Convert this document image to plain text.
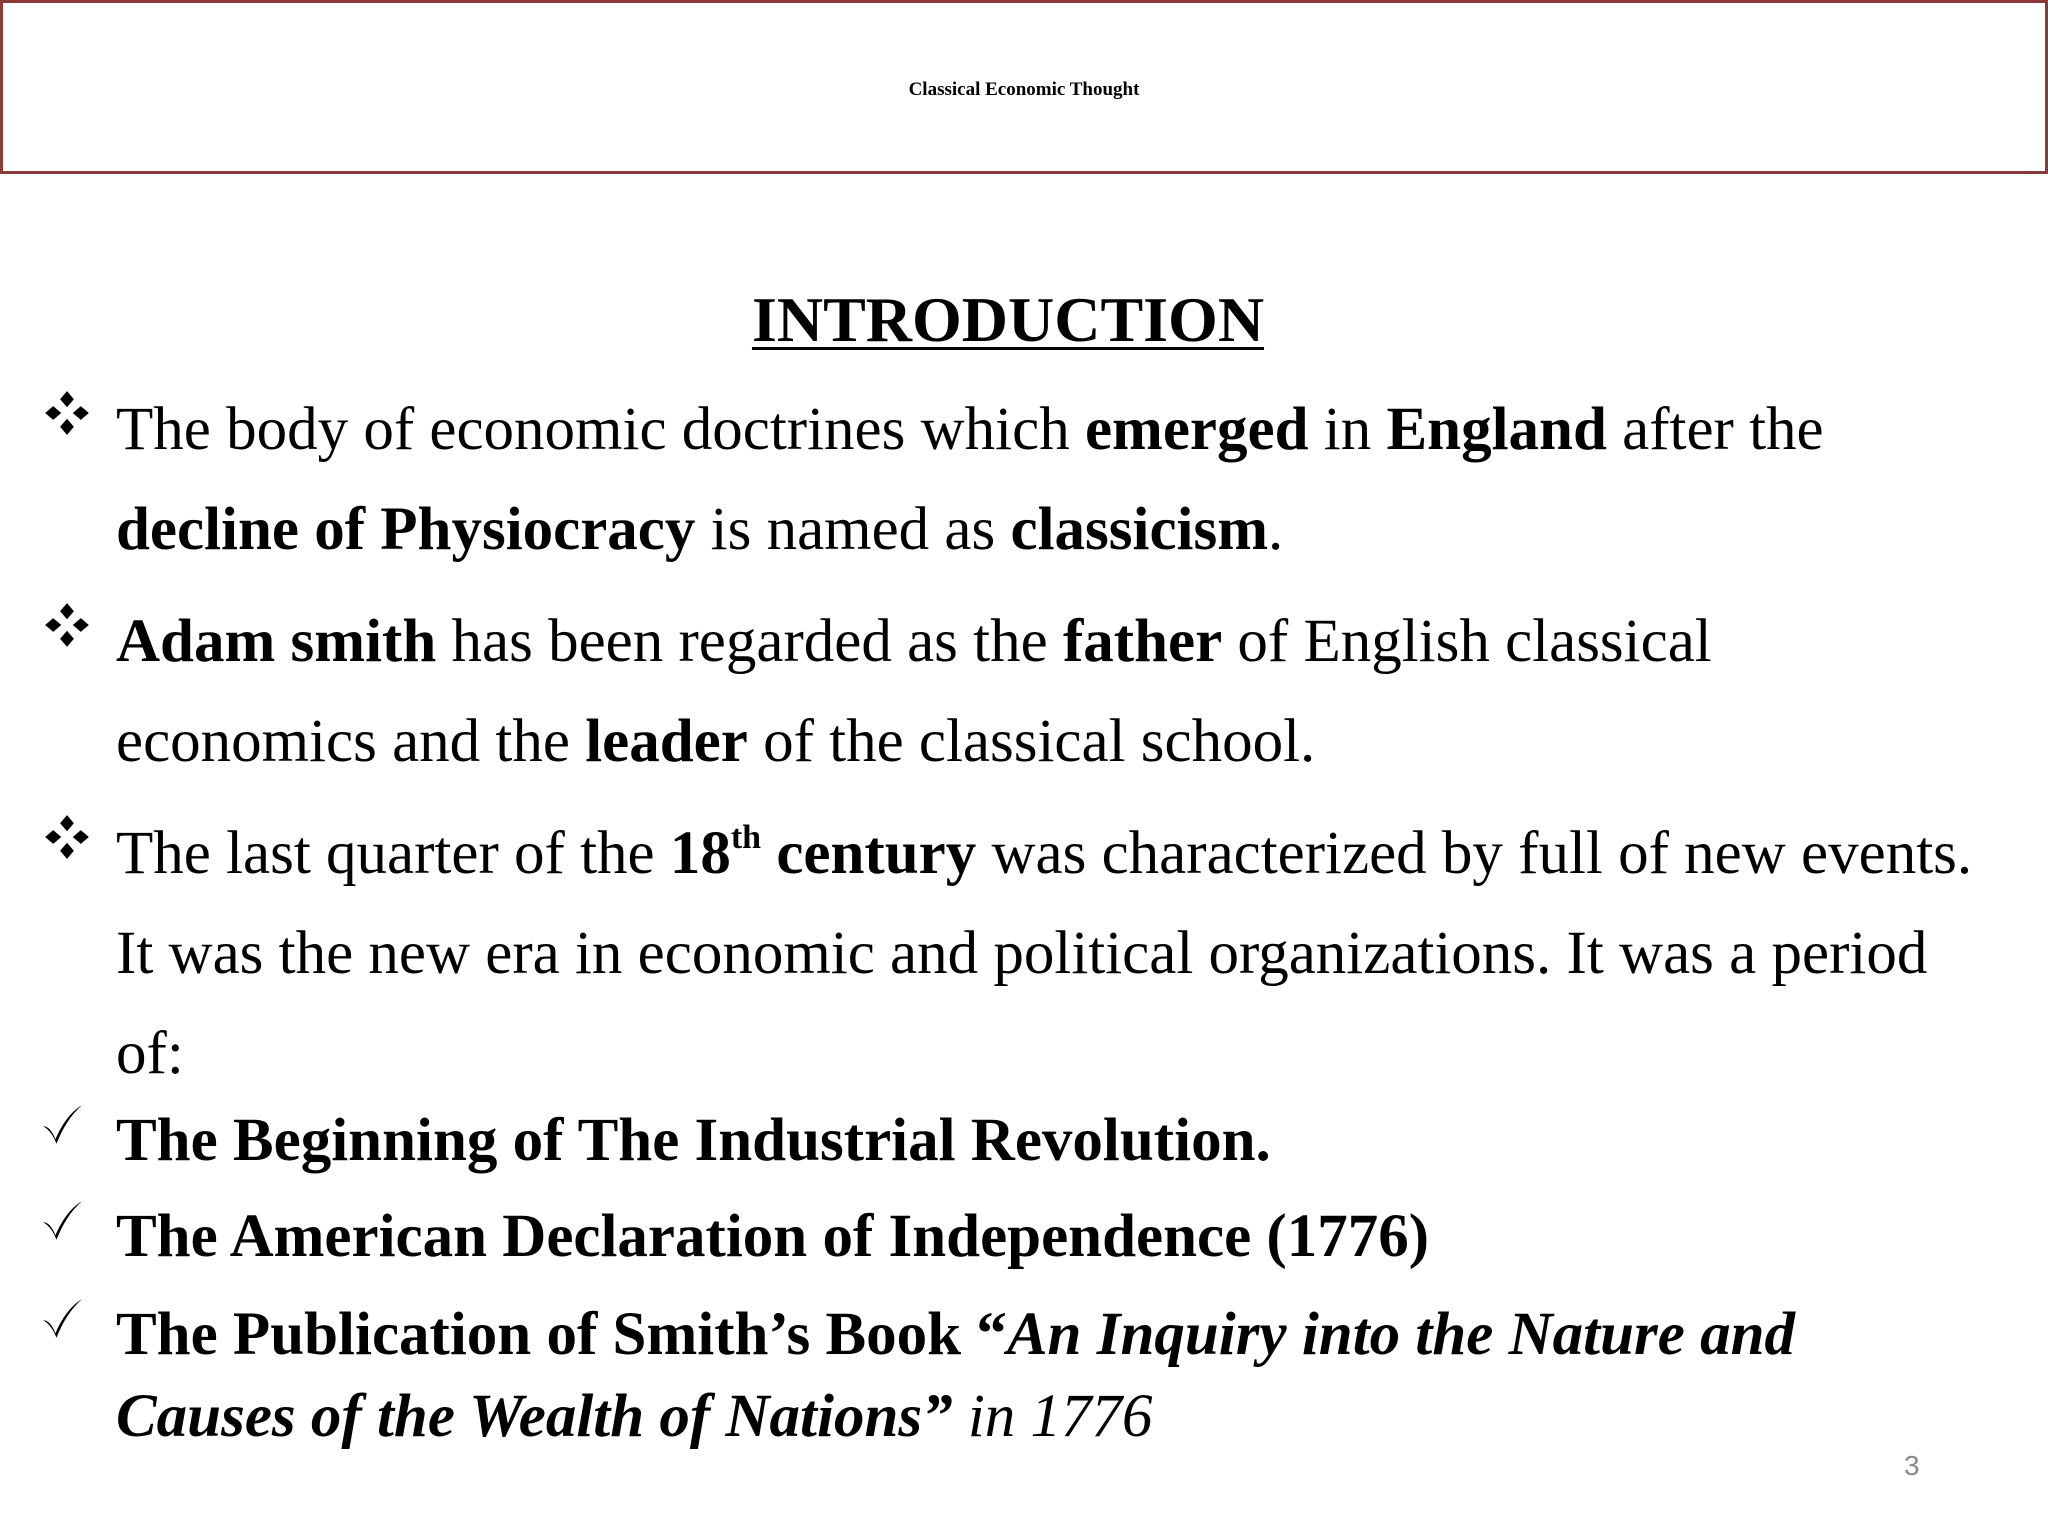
Classical Economic Thought
INTRODUCTION
The body of economic doctrines which emerged in England after the decline of Physiocracy is named as classicism.
Adam smith has been regarded as the father of English classical economics and the leader of the classical school.
The last quarter of the 18th century was characterized by full of new events. It was the new era in economic and political organizations. It was a period of:
The Beginning of The Industrial Revolution.
The American Declaration of Independence (1776)
The Publication of Smith’s Book “An Inquiry into the Nature and Causes of the Wealth of Nations” in 1776
3
